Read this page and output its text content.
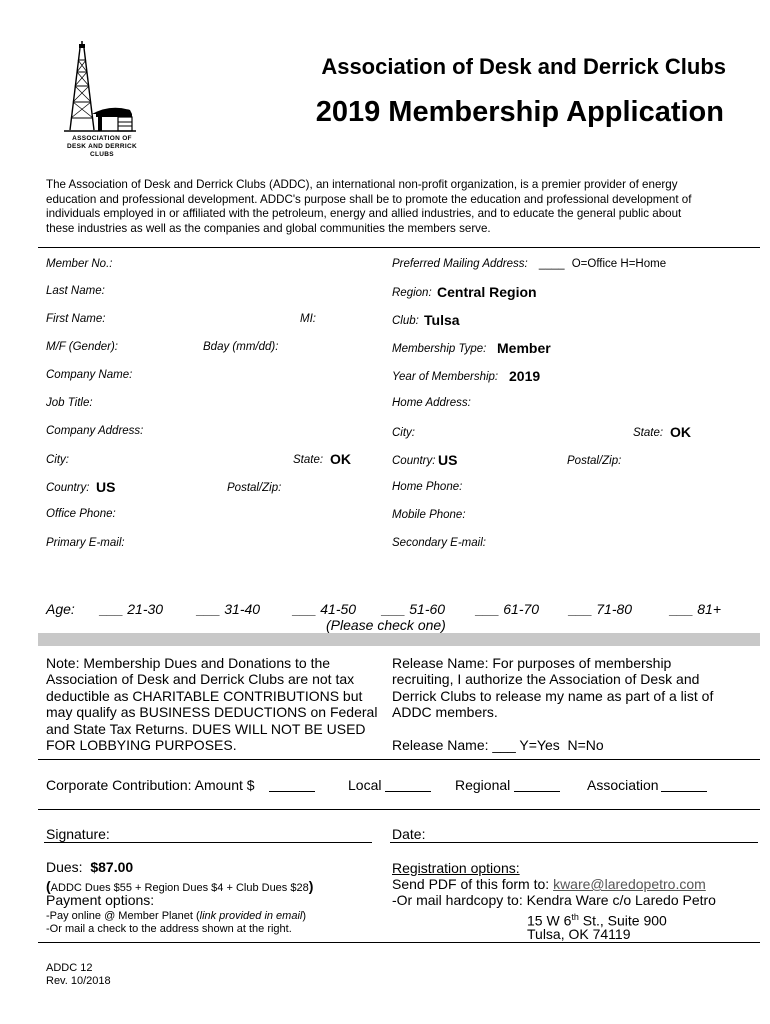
ASSOCIATION OF
DESK AND DERRICK
CLUBS
Association of Desk and Derrick Clubs
2019 Membership Application
The Association of Desk and Derrick Clubs (ADDC), an international non-profit organization, is a premier provider of energy
education and professional development. ADDC's purpose shall be to promote the education and professional development of
individuals employed in or affiliated with the petroleum, energy and allied industries, and to educate the general public about
these industries as well as the companies and global communities the members serve.
Member No.:
Last Name:
First Name:	MI:
M/F (Gender):	Bday (mm/dd):
Company Name:
Job Title:
Company Address:
City:	State: OK
Country: US	Postal/Zip:
Office Phone:
Primary E-mail:
Preferred Mailing Address: ____ O=Office H=Home
Region: Central Region
Club: Tulsa
Membership Type: Member
Year of Membership: 2019
Home Address:
City:	State: OK
Country: US	Postal/Zip:
Home Phone:
Mobile Phone:
Secondary E-mail:
Age: ___ 21-30 ___ 31-40 ___ 41-50 ___ 51-60 ___ 61-70 ___ 71-80	___ 81+
(Please check one)
Note: Membership Dues and Donations to the
Association of Desk and Derrick Clubs are not tax
deductible as CHARITABLE CONTRIBUTIONS but
may qualify as BUSINESS DEDUCTIONS on Federal
and State Tax Returns. DUES WILL NOT BE USED
FOR LOBBYING PURPOSES.
Release Name: For purposes of membership
recruiting, I authorize the Association of Desk and
Derrick Clubs to release my name as part of a list of
ADDC members.
Release Name: ___ Y=Yes  N=No
Corporate Contribution: Amount $	Local	Regional	Association
Signature:	Date:
Dues:  $87.00
(ADDC Dues $55 + Region Dues $4 + Club Dues $28)
Payment options:
-Pay online @ Member Planet (link provided in email)
-Or mail a check to the address shown at the right.
Registration options:
Send PDF of this form to: kware@laredopetro.com
-Or mail hardcopy to: Kendra Ware c/o Laredo Petro
15 W 6th St., Suite 900
Tulsa, OK 74119
ADDC 12
Rev. 10/2018
